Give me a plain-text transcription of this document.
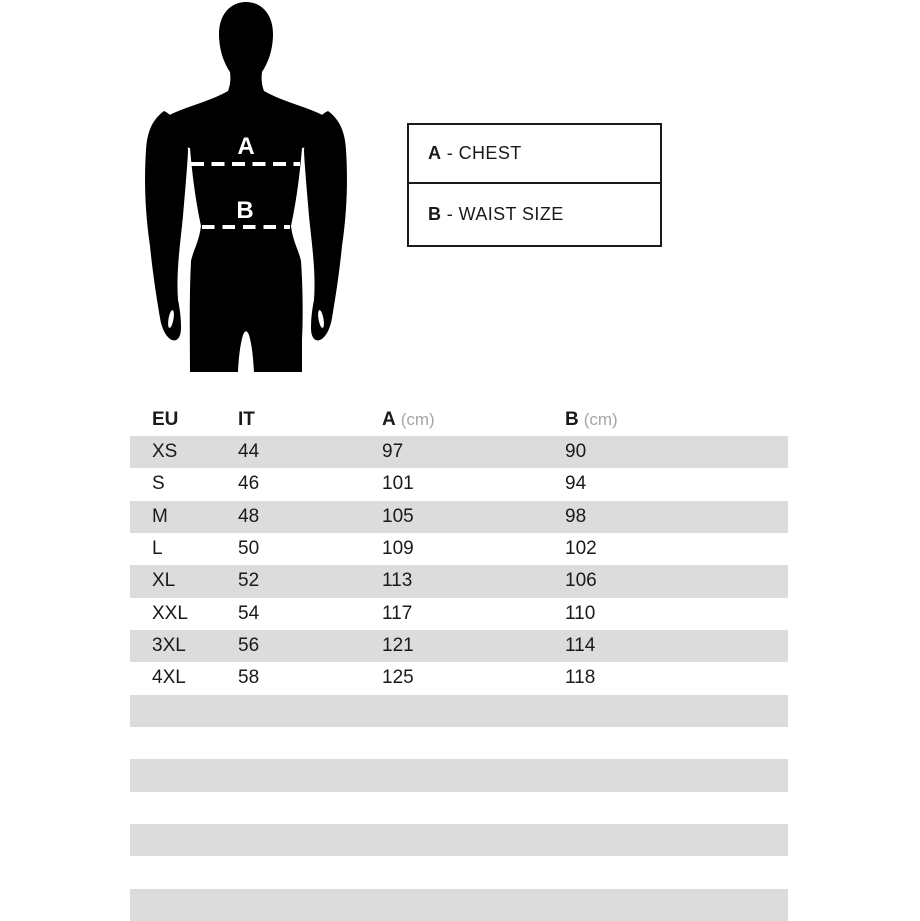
A
B
A - CHEST
B - WAIST SIZE
EU	IT	A (cm)	B (cm)
XS	44	97	90
S	46	101	94
M	48	105	98
L	50	109	102
XL	52	113	106
XXL	54	117	110
3XL	56	121	114
4XL	58	125	118
